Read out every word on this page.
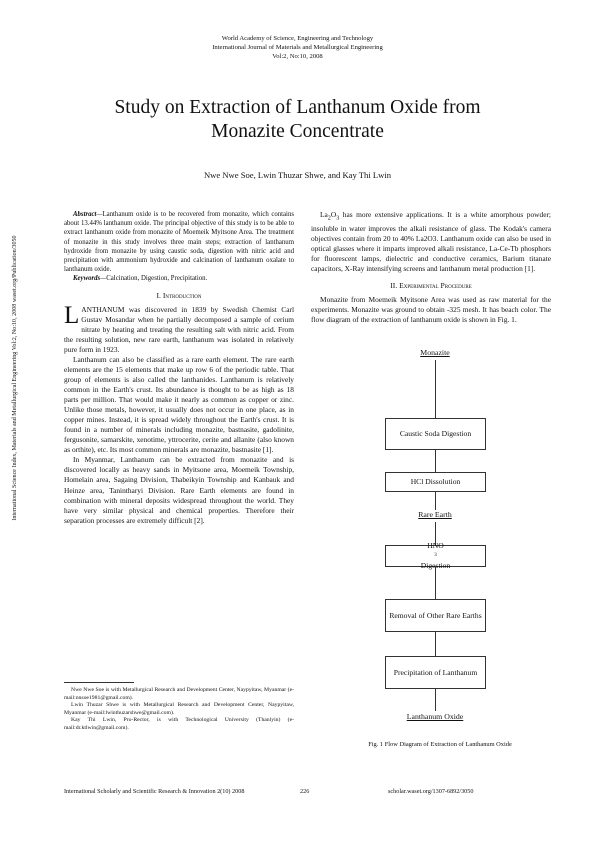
World Academy of Science, Engineering and Technology
International Journal of Materials and Metallurgical Engineering
Vol:2, No:10, 2008
Study on Extraction of Lanthanum Oxide from
Monazite Concentrate
Nwe Nwe Soe, Lwin Thuzar Shwe, and Kay Thi Lwin
International Science Index, Materials and Metallurgical Engineering Vol:2, No:10, 2008 waset.org/Publication/3050

Abstract—Lanthanum oxide is to be recovered from monazite, which contains about 13.44% lanthanum oxide. The principal objective of this study is to be able to extract lanthanum oxide from monazite of Moemeik Myitsone Area. The treatment of monazite in this study involves three main steps; extraction of lanthanum hydroxide from monazite by using caustic soda, digestion with nitric acid and precipitation with ammonium hydroxide and calcination of lanthanum oxalate to lanthanum oxide.

Keywords—Calcination, Digestion, Precipitation.

I. Introduction

LANTHANUM was discovered in 1839 by Swedish Chemist Carl Gustav Mosandar when he partially decomposed a sample of cerium nitrate by heating and treating the resulting salt with nitric acid. From the resulting solution, new rare earth, lanthanum was isolated in relatively pure form in 1923.

Lanthanum can also be classified as a rare earth element. The rare earth elements are the 15 elements that make up row 6 of the periodic table. That group of elements is also called the lanthanides. Lanthanum is relatively common in the Earth's crust. Its abundance is thought to be as high as 18 parts per million. That would make it nearly as common as copper or zinc. Unlike those metals, however, it usually does not occur in one place, as in copper mines. Instead, it is spread widely throughout the Earth's crust. It is found in a number of minerals including monazite, bastnasite, gadolinite, fergusonite, samarskite, xenotime, yttrocerite, cerite and allanite (also known as orthite), etc. Its most common minerals are monazite, bastnasite [1].

In Myanmar, Lanthanum can be extracted from monazite and is discovered locally as heavy sands in Myitsone area, Moemeik Township, Homelain area, Sagaing Division, Thabeikyin Township and Kanbauk and Heinze area, Tanintharyi Division. Rare Earth elements are found in combination with mineral deposits widespread throughout the world. They have very similar physical and chemical properties. Therefore their separation processes are extremely difficult [2].

Nwe Nwe Soe is with Metallurgical Research and Development Center, Naypyitaw, Myanmar (e-mail:nnsoe1981@gmail.com).

Lwin Thuzar Shwe is with Metallurgical Research and Development Center, Naypyitaw, Myanmar (e-mail:lwinthuzarshwe@gmail.com).

Kay Thi Lwin, Pro-Rector, is with Technological University (Thanlyin) (e-mail:dr.ktlwin@gmail.com).

$La_2O_3$ has more extensive applications. It is a white amorphous powder; insoluble in water improves the alkali resistance of glass. The Kodak's camera objectives contain from 20 to 40% La2O3. Lanthanum oxide can also be used in optical glasses where it imparts improved alkali resistance, La-Ce-Tb phosphors for fluorescent lamps, dielectric and conductive ceramics, Barium titanate capacitors, X-Ray intensifying screens and lanthanum metal production [1].

II. Experimental Procedure

Monazite from Moemeik Myitsone Area was used as raw material for the experiments. Monazite was ground to obtain -325 mesh. It has beach color. The flow diagram of the extraction of lanthanum oxide is shown in Fig. 1.

Monazite
Caustic Soda Digestion
HCl Dissolution
Rare Earth
HNO
3
Digestion
Removal of Other Rare Earths
Precipitation of Lanthanum
Lanthanum Oxide
Fig. 1 Flow Diagram of Extraction of Lanthanum Oxide
International Scholarly and Scientific Research & Innovation 2(10) 2008	226	scholar.waset.org/1307-6892/3050
